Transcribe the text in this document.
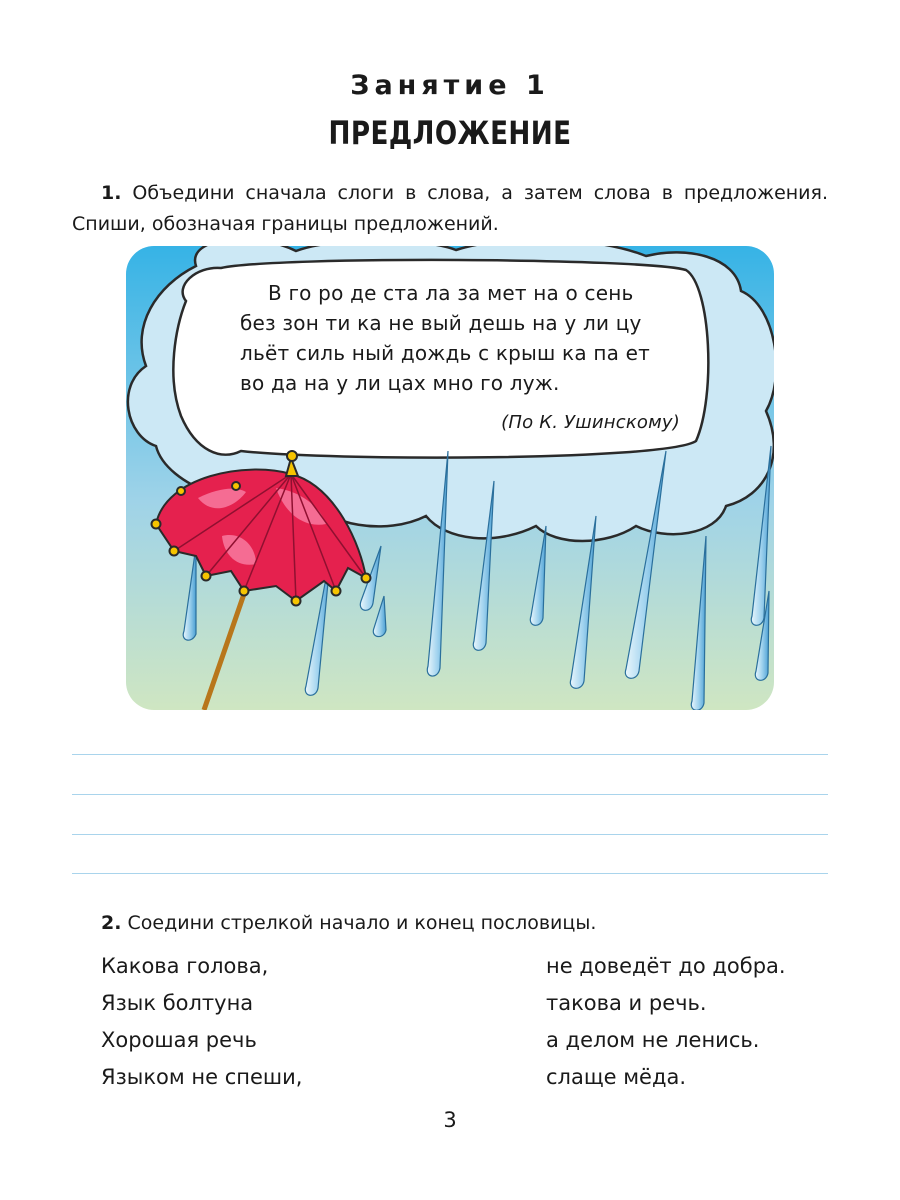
Занятие 1
ПРЕДЛОЖЕНИЕ
1. Объедини сначала слоги в слова, а затем слова в предложения. Спиши, обозначая границы предложений.
В го ро де ста ла за мет на о сень
без зон ти ка не вый дешь на у ли цу
льёт силь ный дождь с крыш ка па ет
во да на у ли цах мно го луж.
(По К. Ушинскому)
2. Соедини стрелкой начало и конец пословицы.
Какова голова,
Язык болтуна
Хорошая речь
Языком не спеши,
не доведёт до добра.
такова и речь.
а делом не ленись.
слаще мёда.
3
